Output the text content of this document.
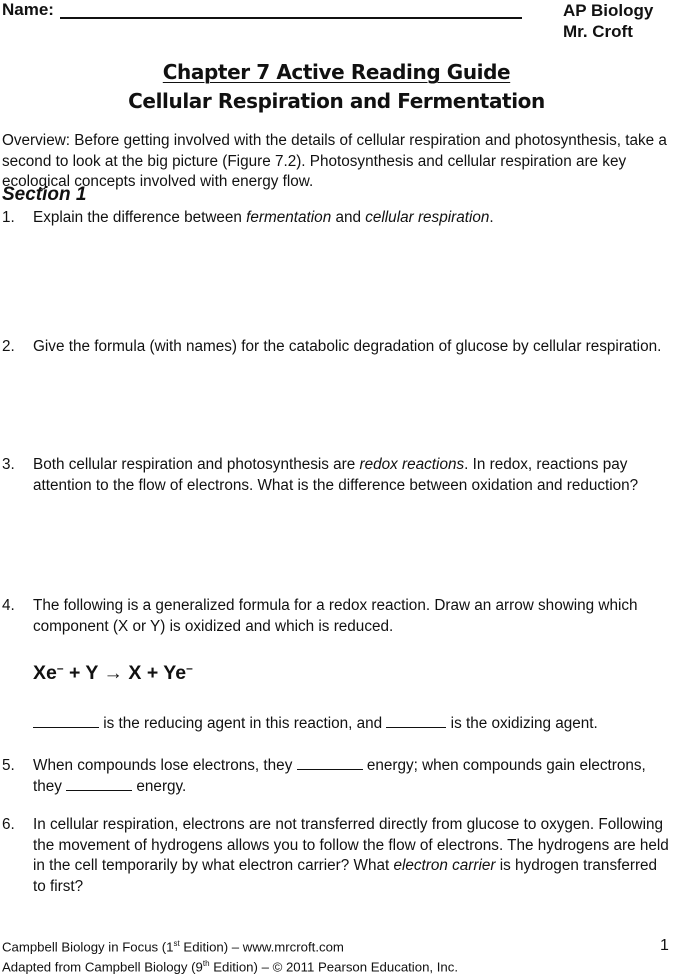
Name:	AP Biology
Mr. Croft
Chapter 7 Active Reading Guide
Cellular Respiration and Fermentation
Overview: Before getting involved with the details of cellular respiration and photosynthesis, take a second to look at the big picture (Figure 7.2). Photosynthesis and cellular respiration are key ecological concepts involved with energy flow.
Section 1
1. Explain the difference between fermentation and cellular respiration.
2. Give the formula (with names) for the catabolic degradation of glucose by cellular respiration.
3. Both cellular respiration and photosynthesis are redox reactions. In redox, reactions pay attention to the flow of electrons. What is the difference between oxidation and reduction?
4. The following is a generalized formula for a redox reaction. Draw an arrow showing which component (X or Y) is oxidized and which is reduced.
Xe– + Y → X + Ye–
is the reducing agent in this reaction, and	is the oxidizing agent.
5. When compounds lose electrons, they	energy; when compounds gain electrons, they	energy.
6. In cellular respiration, electrons are not transferred directly from glucose to oxygen. Following the movement of hydrogens allows you to follow the flow of electrons. The hydrogens are held in the cell temporarily by what electron carrier? What electron carrier is hydrogen transferred to first?
Campbell Biology in Focus (1st Edition) – www.mrcroft.com
Adapted from Campbell Biology (9th Edition) – © 2011 Pearson Education, Inc.
1
